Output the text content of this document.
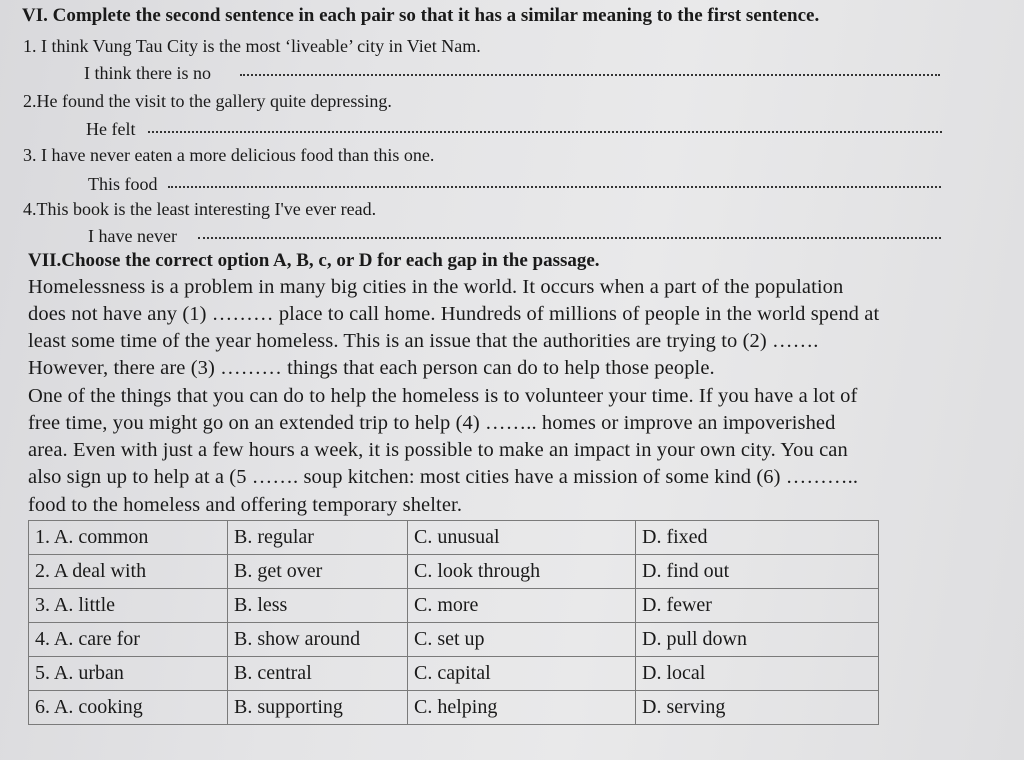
VI. Complete the second sentence in each pair so that it has a similar meaning to the first sentence.
1. I think Vung Tau City is the most ‘liveable’ city in Viet Nam.
I think there is no
2.He found the visit to the gallery quite depressing.
He felt
3. I have never eaten a more delicious food than this one.
This food
4.This book is the least interesting I've ever read.
I have never
VII.Choose the correct option A, B, c, or D for each gap in the passage.
Homelessness is a problem in many big cities in the world. It occurs when a part of the population
does not have any (1) ……… place to call home. Hundreds of millions of people in the world spend at
least some time of the year homeless. This is an issue that the authorities are trying to (2) …….
However, there are (3) ……… things that each person can do to help those people.
One of the things that you can do to help the homeless is to volunteer your time. If you have a lot of
free time, you might go on an extended trip to help (4) …….. homes or improve an impoverished
area. Even with just a few hours a week, it is possible to make an impact in your own city. You can
also sign up to help at a (5 ……. soup kitchen: most cities have a mission of some kind (6) ………..
food to the homeless and offering temporary shelter.
1. A. common	B. regular	C. unusual	D. fixed
2. A deal with	B. get over	C. look through	D. find out
3. A. little	B. less	C. more	D. fewer
4. A. care for	B. show around	C. set up	D. pull down
5. A. urban	B. central	C. capital	D. local
6. A. cooking	B. supporting	C. helping	D. serving
